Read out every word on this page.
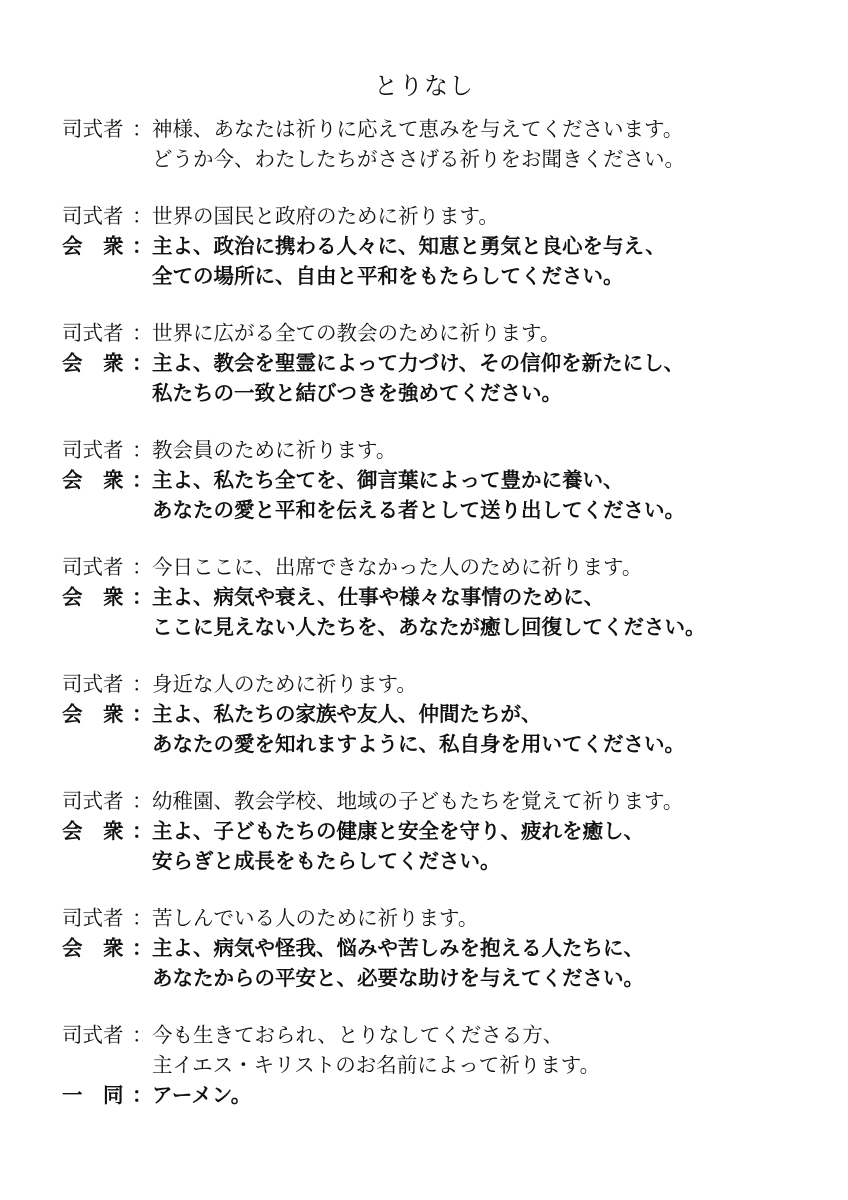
とりなし
司式者 ：神様、あなたは祈りに応えて恵みを与えてくださいます。
どうか今、わたしたちがささげる祈りをお聞きください。
司式者 ：世界の国民と政府のために祈ります。
会　衆 ：主よ、政治に携わる人々に、知恵と勇気と良心を与え、
全ての場所に、自由と平和をもたらしてください。
司式者 ：世界に広がる全ての教会のために祈ります。
会　衆 ：主よ、教会を聖霊によって力づけ、その信仰を新たにし、
私たちの一致と結びつきを強めてください。
司式者 ：教会員のために祈ります。
会　衆 ：主よ、私たち全てを、御言葉によって豊かに養い、
あなたの愛と平和を伝える者として送り出してください。
司式者 ：今日ここに、出席できなかった人のために祈ります。
会　衆 ：主よ、病気や衰え、仕事や様々な事情のために、
ここに見えない人たちを、あなたが癒し回復してください。
司式者 ：身近な人のために祈ります。
会　衆 ：主よ、私たちの家族や友人、仲間たちが、
あなたの愛を知れますように、私自身を用いてください。
司式者 ：幼稚園、教会学校、地域の子どもたちを覚えて祈ります。
会　衆 ：主よ、子どもたちの健康と安全を守り、疲れを癒し、
安らぎと成長をもたらしてください。
司式者 ：苦しんでいる人のために祈ります。
会　衆 ：主よ、病気や怪我、悩みや苦しみを抱える人たちに、
あなたからの平安と、必要な助けを与えてください。
司式者 ：今も生きておられ、とりなしてくださる方、
主イエス・キリストのお名前によって祈ります。
一　同 ：アーメン。
